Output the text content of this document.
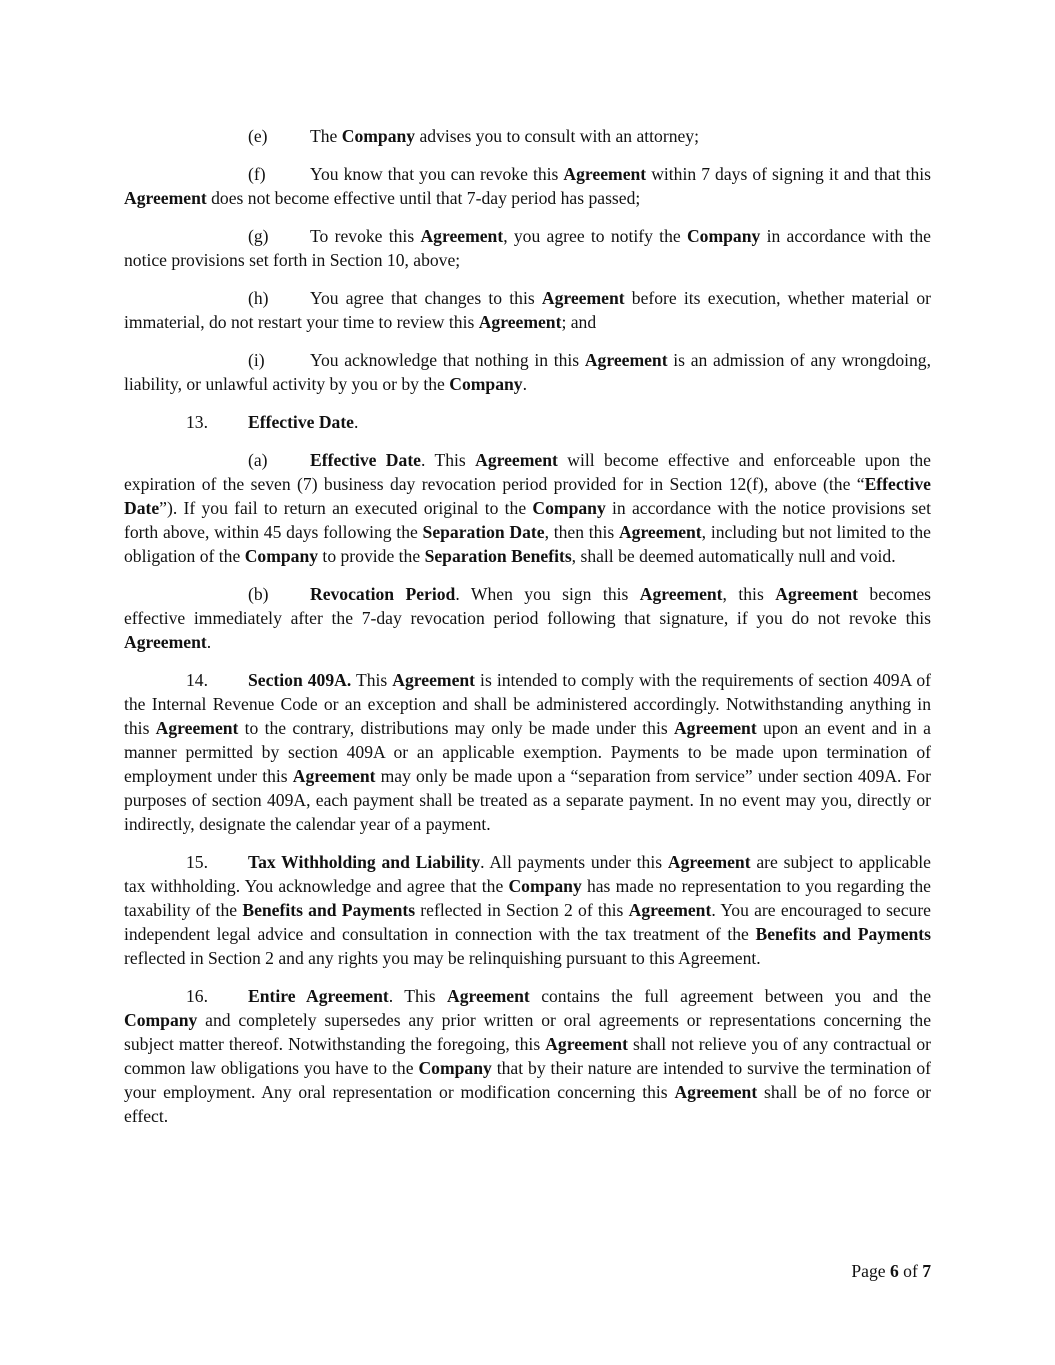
(e) The Company advises you to consult with an attorney;

(f)	You know that you can revoke this Agreement within 7 days of signing it and that this Agreement does not become effective until that 7-day period has passed;

(g) To revoke this Agreement, you agree to notify the Company in accordance with the notice provisions set forth in Section 10, above;

(h) You agree that changes to this Agreement before its execution, whether material or immaterial, do not restart your time to review this Agreement; and

(i)	You acknowledge that nothing in this Agreement is an admission of any wrongdoing, liability, or unlawful activity by you or by the Company.

13. Effective Date.

(a) Effective Date. This Agreement will become effective and enforceable upon the expiration of the seven (7) business day revocation period provided for in Section 12(f), above (the “Effective Date”). If you fail to return an executed original to the Company in accordance with the notice provisions set forth above, within 45 days following the Separation Date, then this Agreement, including but not limited to the obligation of the Company to provide the Separation Benefits, shall be deemed automatically null and void.

(b) Revocation Period. When you sign this Agreement, this Agreement becomes effective immediately after the 7-day revocation period following that signature, if you do not revoke this Agreement.

14. Section 409A. This Agreement is intended to comply with the requirements of section 409A of the Internal Revenue Code or an exception and shall be administered accordingly. Notwithstanding anything in this Agreement to the contrary, distributions may only be made under this Agreement upon an event and in a manner permitted by section 409A or an applicable exemption. Payments to be made upon termination of employment under this Agreement may only be made upon a “separation from service” under section 409A. For purposes of section 409A, each payment shall be treated as a separate payment. In no event may you, directly or indirectly, designate the calendar year of a payment.

15. Tax Withholding and Liability. All payments under this Agreement are subject to applicable tax withholding. You acknowledge and agree that the Company has made no representation to you regarding the taxability of the Benefits and Payments reflected in Section 2 of this Agreement. You are encouraged to secure independent legal advice and consultation in connection with the tax treatment of the Benefits and Payments reflected in Section 2 and any rights you may be relinquishing pursuant to this Agreement.

16. Entire Agreement. This Agreement contains the full agreement between you and the Company and completely supersedes any prior written or oral agreements or representations concerning the subject matter thereof. Notwithstanding the foregoing, this Agreement shall not relieve you of any contractual or common law obligations you have to the Company that by their nature are intended to survive the termination of your employment. Any oral representation or modification concerning this Agreement shall be of no force or effect.

Page 6 of 7
